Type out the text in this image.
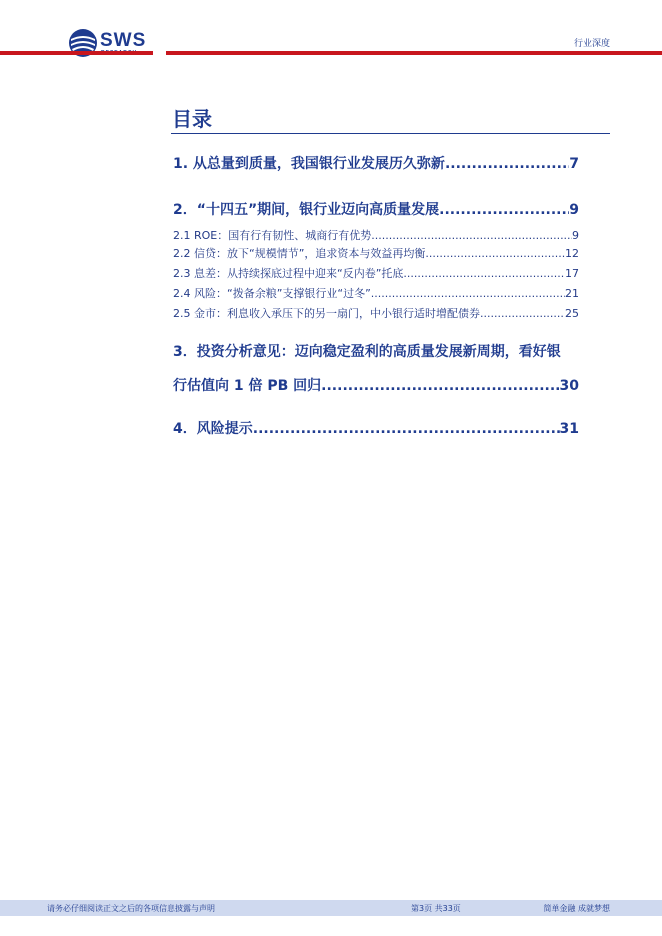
SWS	行业深度
目录
1. 从总量到质量，我国银行业发展历久弥新 .....	7
2．“十四五”期间，银行业迈向高质量发展 .....	9
2.1 ROE：国有行有韧性、城商行有优势 .....	9
2.2 信贷：放下“规模情节”，追求资本与效益再均衡 .....	12
2.3 息差：从持续探底过程中迎来“反内卷”托底 .....	17
2.4 风险：“拨备余粮”支撑银行业“过冬” .....	21
2.5 金市：利息收入承压下的另一扇门，中小银行适时增配债券 .....	25
3．投资分析意见：迈向稳定盈利的高质量发展新周期，看好银
行估值向 1 倍 PB 回归 .....	30
4．风险提示 .....	31
请务必仔细阅读正文之后的各项信息披露与声明	第3页 共33页	简单金融 成就梦想
